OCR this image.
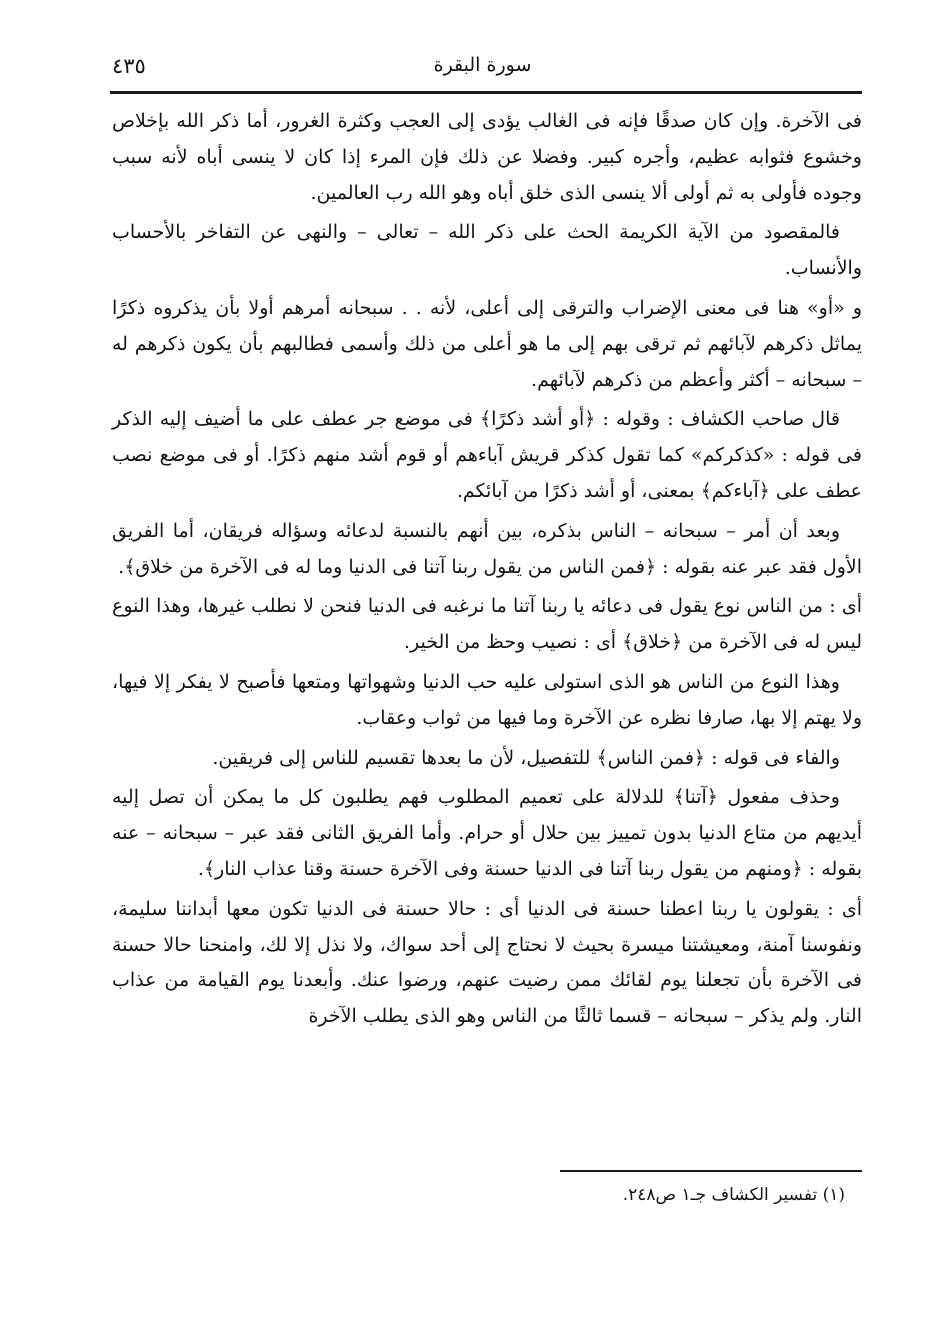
٤٣٥	سورة البقرة

فى الآخرة. وإن كان صدقًا فإنه فى الغالب يؤدى إلى العجب وكثرة الغرور، أما ذكر الله بإخلاص وخشوع فثوابه عظيم، وأجره كبير. وفضلا عن ذلك فإن المرء إذا كان لا ينسى أباه لأنه سبب وجوده فأولى به ثم أولى ألا ينسى الذى خلق أباه وهو الله رب العالمين.

فالمقصود من الآية الكريمة الحث على ذكر الله – تعالى – والنهى عن التفاخر بالأحساب والأنساب.

و «أو» هنا فى معنى الإضراب والترقى إلى أعلى، لأنه . . سبحانه أمرهم أولا بأن يذكروه ذكرًا يماثل ذكرهم لآبائهم ثم ترقى بهم إلى ما هو أعلى من ذلك وأسمى فطالبهم بأن يكون ذكرهم له – سبحانه – أكثر وأعظم من ذكرهم لآبائهم.

قال صاحب الكشاف : وقوله : ﴿أو أشد ذكرًا﴾ فى موضع جر عطف على ما أضيف إليه الذكر فى قوله : «كذكركم» كما تقول كذكر قريش آباءهم أو قوم أشد منهم ذكرًا. أو فى موضع نصب عطف على ﴿آباءكم﴾ بمعنى، أو أشد ذكرًا من آبائكم.

وبعد أن أمر – سبحانه – الناس بذكره، بين أنهم بالنسبة لدعائه وسؤاله فريقان، أما الفريق الأول فقد عبر عنه بقوله : ﴿فمن الناس من يقول ربنا آتنا فى الدنيا وما له فى الآخرة من خلاق﴾.

أى : من الناس نوع يقول فى دعائه يا ربنا آتنا ما نرغبه فى الدنيا فنحن لا نطلب غيرها، وهذا النوع ليس له فى الآخرة من ﴿خلاق﴾ أى : نصيب وحظ من الخير.

وهذا النوع من الناس هو الذى استولى عليه حب الدنيا وشهواتها ومتعها فأصبح لا يفكر إلا فيها، ولا يهتم إلا بها، صارفا نظره عن الآخرة وما فيها من ثواب وعقاب.

والفاء فى قوله : ﴿فمن الناس﴾ للتفصيل، لأن ما بعدها تقسيم للناس إلى فريقين.

وحذف مفعول ﴿آتنا﴾ للدلالة على تعميم المطلوب فهم يطلبون كل ما يمكن أن تصل إليه أيديهم من متاع الدنيا بدون تمييز بين حلال أو حرام. وأما الفريق الثانى فقد عبر – سبحانه – عنه بقوله : ﴿ومنهم من يقول ربنا آتنا فى الدنيا حسنة وفى الآخرة حسنة وقنا عذاب النار﴾.

أى : يقولون يا ربنا اعطنا حسنة فى الدنيا أى : حالا حسنة فى الدنيا تكون معها أبداننا سليمة، ونفوسنا آمنة، ومعيشتنا ميسرة بحيث لا نحتاج إلى أحد سواك، ولا نذل إلا لك، وامنحنا حالا حسنة فى الآخرة بأن تجعلنا يوم لقائك ممن رضيت عنهم، ورضوا عنك. وأبعدنا يوم القيامة من عذاب النار. ولم يذكر – سبحانه – قسما ثالثًا من الناس وهو الذى يطلب الآخرة

(١) تفسير الكشاف جـ١ ص٢٤٨.
